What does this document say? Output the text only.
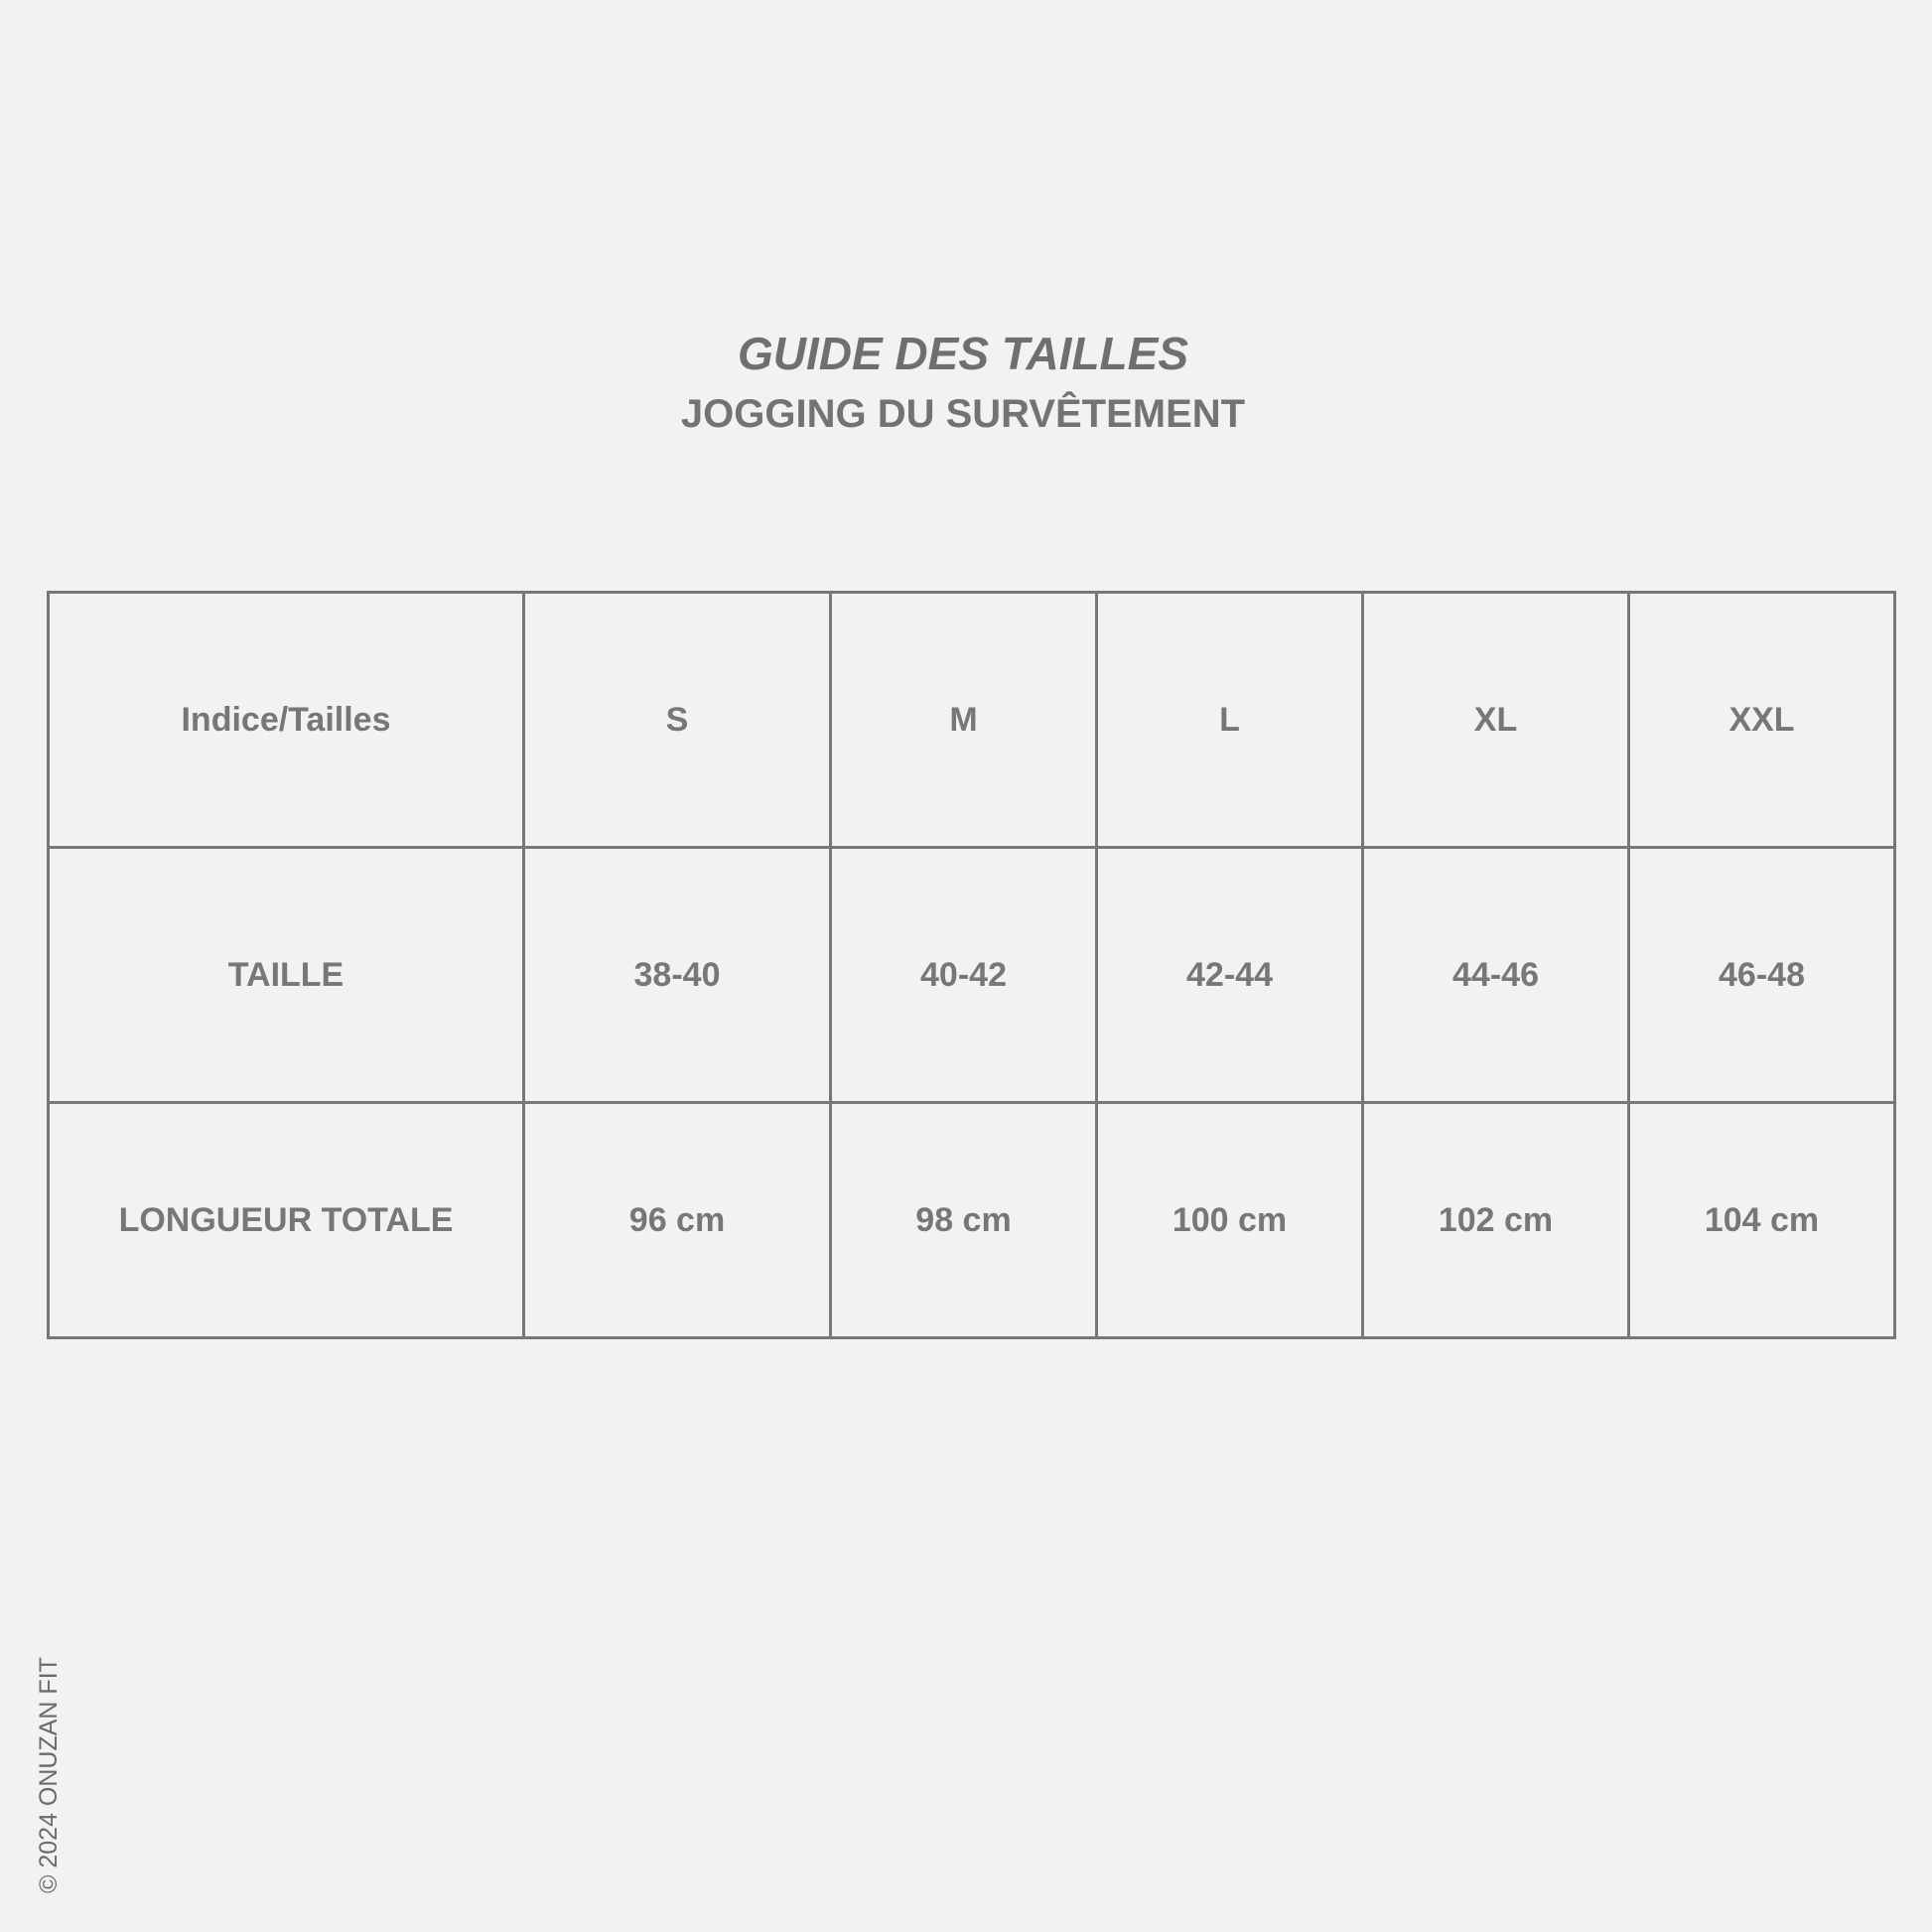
GUIDE DES TAILLES
JOGGING DU SURVÊTEMENT
Indice/Tailles	S	M	L	XL	XXL
TAILLE	38-40	40-42	42-44	44-46	46-48
LONGUEUR TOTALE	96 cm	98 cm	100 cm	102 cm	104 cm
© 2024 ONUZAN FIT
